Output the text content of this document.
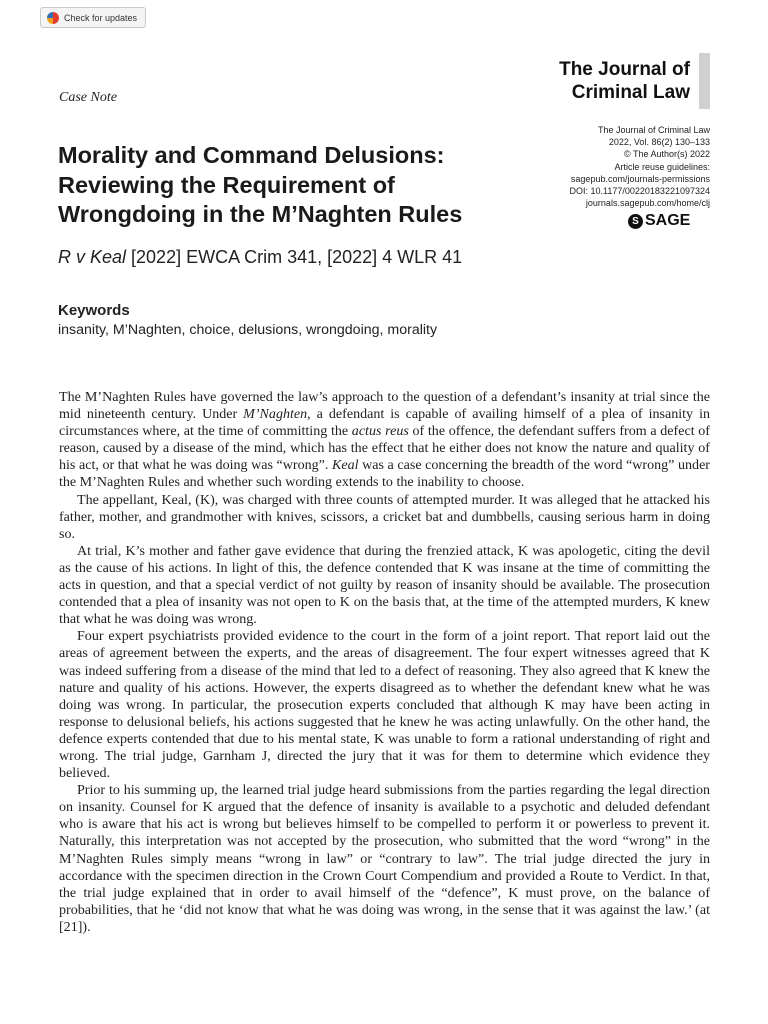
Check for updates
The Journal of
Criminal Law
Case Note
The Journal of Criminal Law
2022, Vol. 86(2) 130–133
© The Author(s) 2022
Article reuse guidelines:
sagepub.com/journals-permissions
DOI: 10.1177/00220183221097324
journals.sagepub.com/home/clj
S SAGE
Morality and Command Delusions:
Reviewing the Requirement of
Wrongdoing in the M’Naghten Rules
R v Keal [2022] EWCA Crim 341, [2022] 4 WLR 41
Keywords
insanity, M’Naghten, choice, delusions, wrongdoing, morality

The M’Naghten Rules have governed the law’s approach to the question of a defendant’s insanity at trial since the mid nineteenth century. Under M’Naghten, a defendant is capable of availing himself of a plea of insanity in circumstances where, at the time of committing the actus reus of the offence, the defendant suffers from a defect of reason, caused by a disease of the mind, which has the effect that he either does not know the nature and quality of his act, or that what he was doing was “wrong”. Keal was a case concerning the breadth of the word “wrong” under the M’Naghten Rules and whether such wording extends to the inability to choose.

The appellant, Keal, (K), was charged with three counts of attempted murder. It was alleged that he attacked his father, mother, and grandmother with knives, scissors, a cricket bat and dumbbells, causing serious harm in doing so.

At trial, K’s mother and father gave evidence that during the frenzied attack, K was apologetic, citing the devil as the cause of his actions. In light of this, the defence contended that K was insane at the time of committing the acts in question, and that a special verdict of not guilty by reason of insanity should be available. The prosecution contended that a plea of insanity was not open to K on the basis that, at the time of the attempted murders, K knew that what he was doing was wrong.

Four expert psychiatrists provided evidence to the court in the form of a joint report. That report laid out the areas of agreement between the experts, and the areas of disagreement. The four expert witnesses agreed that K was indeed suffering from a disease of the mind that led to a defect of reasoning. They also agreed that K knew the nature and quality of his actions. However, the experts disagreed as to whether the defendant knew what he was doing was wrong. In particular, the prosecution experts concluded that although K may have been acting in response to delusional beliefs, his actions suggested that he knew he was acting unlawfully. On the other hand, the defence experts contended that due to his mental state, K was unable to form a rational understanding of right and wrong. The trial judge, Garnham J, directed the jury that it was for them to determine which evidence they believed.

Prior to his summing up, the learned trial judge heard submissions from the parties regarding the legal direction on insanity. Counsel for K argued that the defence of insanity is available to a psychotic and deluded defendant who is aware that his act is wrong but believes himself to be compelled to perform it or powerless to prevent it. Naturally, this interpretation was not accepted by the prosecution, who submitted that the word “wrong” in the M’Naghten Rules simply means “wrong in law” or “contrary to law”. The trial judge directed the jury in accordance with the specimen direction in the Crown Court Compendium and provided a Route to Verdict. In that, the trial judge explained that in order to avail himself of the “defence”, K must prove, on the balance of probabilities, that he ‘did not know that what he was doing was wrong, in the sense that it was against the law.’ (at [21]).
